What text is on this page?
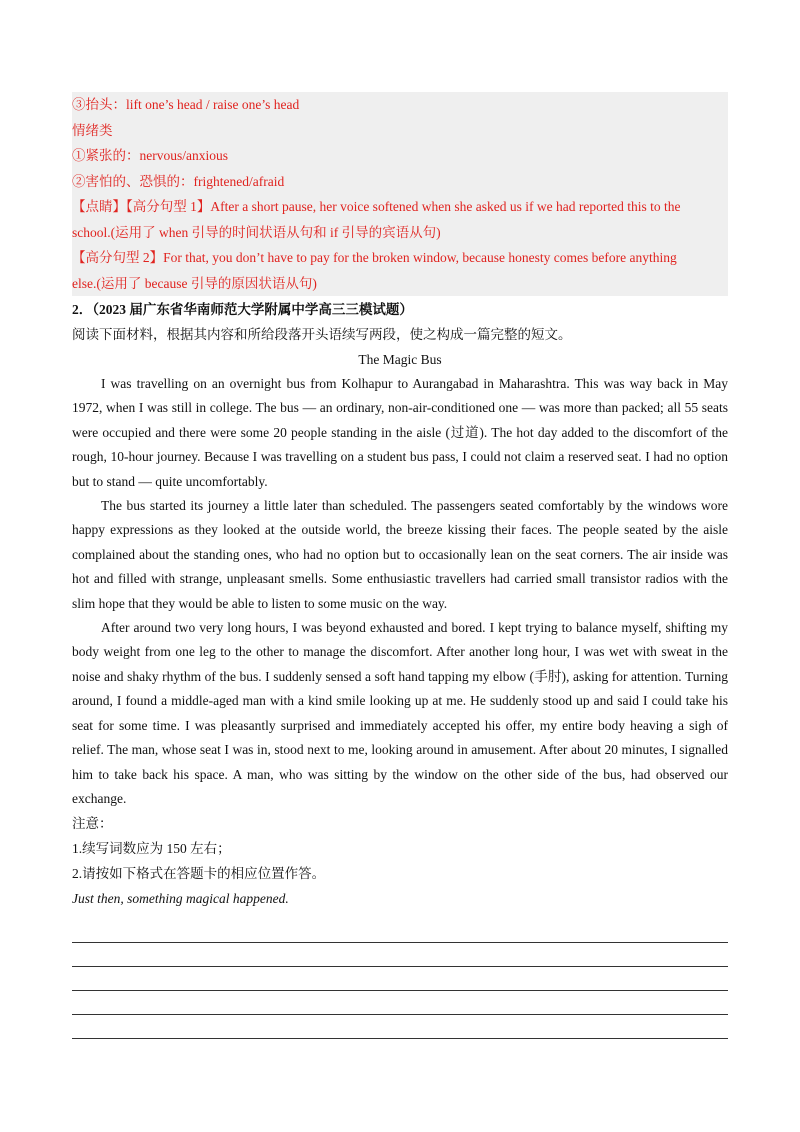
③抬头：lift one’s head / raise one’s head
情绪类
①紧张的：nervous/anxious
②害怕的、恐惧的：frightened/afraid
【点睛】【高分句型 1】After a short pause, her voice softened when she asked us if we had reported this to the
school.(运用了 when 引导的时间状语从句和 if 引导的宾语从句)
【高分句型 2】For that, you don’t have to pay for the broken window, because honesty comes before anything
else.(运用了 because 引导的原因状语从句)
2．（2023 届广东省华南师范大学附属中学高三三模试题）
阅读下面材料，根据其内容和所给段落开头语续写两段，使之构成一篇完整的短文。
The Magic Bus

I was travelling on an overnight bus from Kolhapur to Aurangabad in Maharashtra. This was way back in May 1972, when I was still in college. The bus — an ordinary, non-air-conditioned one — was more than packed; all 55 seats were occupied and there were some 20 people standing in the aisle (过道). The hot day added to the discomfort of the rough, 10-hour journey. Because I was travelling on a student bus pass, I could not claim a reserved seat. I had no option but to stand — quite uncomfortably.

The bus started its journey a little later than scheduled. The passengers seated comfortably by the windows wore happy expressions as they looked at the outside world, the breeze kissing their faces. The people seated by the aisle complained about the standing ones, who had no option but to occasionally lean on the seat corners. The air inside was hot and filled with strange, unpleasant smells. Some enthusiastic travellers had carried small transistor radios with the slim hope that they would be able to listen to some music on the way.

After around two very long hours, I was beyond exhausted and bored. I kept trying to balance myself, shifting my body weight from one leg to the other to manage the discomfort. After another long hour, I was wet with sweat in the noise and shaky rhythm of the bus. I suddenly sensed a soft hand tapping my elbow (手肘), asking for attention. Turning around, I found a middle-aged man with a kind smile looking up at me. He suddenly stood up and said I could take his seat for some time. I was pleasantly surprised and immediately accepted his offer, my entire body heaving a sigh of relief. The man, whose seat I was in, stood next to me, looking around in amusement. After about 20 minutes, I signalled him to take back his space. A man, who was sitting by the window on the other side of the bus, had observed our exchange.

注意：
1.续写词数应为 150 左右；
2.请按如下格式在答题卡的相应位置作答。
Just then, something magical happened.
